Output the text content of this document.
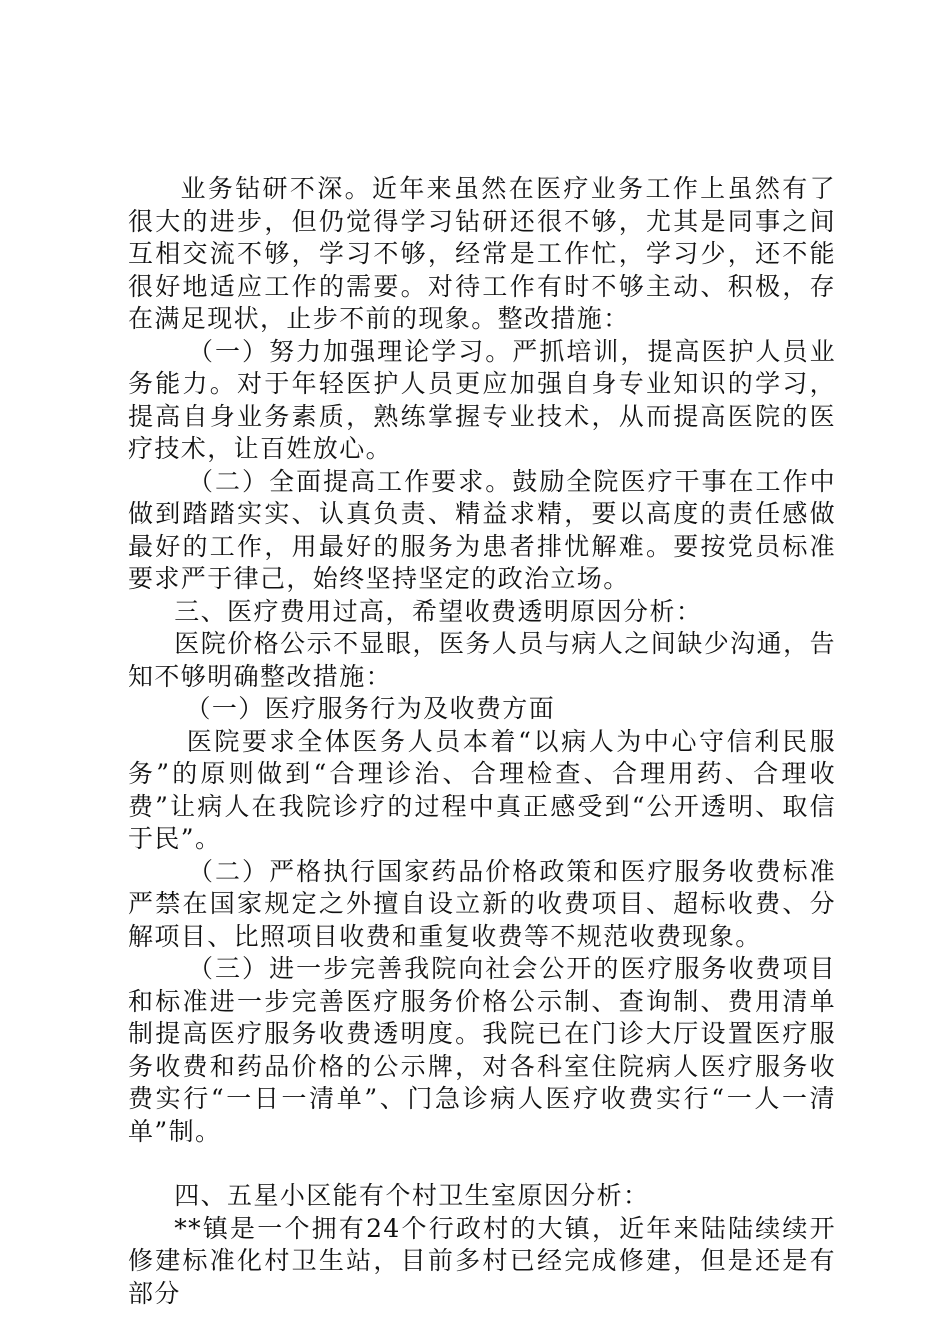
业务钻研不深。近年来虽然在医疗业务工作上虽然有了很大的进步，但仍觉得学习钻研还很不够，尤其是同事之间互相交流不够，学习不够，经常是工作忙，学习少，还不能很好地适应工作的需要。对待工作有时不够主动、积极，存在满足现状，止步不前的现象。整改措施：

（一）努力加强理论学习。严抓培训，提高医护人员业务能力。对于年轻医护人员更应加强自身专业知识的学习，提高自身业务素质，熟练掌握专业技术，从而提高医院的医疗技术，让百姓放心。

（二）全面提高工作要求。鼓励全院医疗干事在工作中做到踏踏实实、认真负责、精益求精，要以高度的责任感做最好的工作，用最好的服务为患者排忧解难。要按党员标准要求严于律己，始终坚持坚定的政治立场。

三、医疗费用过高，希望收费透明原因分析：

医院价格公示不显眼，医务人员与病人之间缺少沟通，告知不够明确整改措施：

（一）医疗服务行为及收费方面

医院要求全体医务人员本着“以病人为中心守信利民服务”的原则做到“合理诊治、合理检查、合理用药、合理收费”让病人在我院诊疗的过程中真正感受到“公开透明、取信于民”。

（二）严格执行国家药品价格政策和医疗服务收费标准严禁在国家规定之外擅自设立新的收费项目、超标收费、分解项目、比照项目收费和重复收费等不规范收费现象。

（三）进一步完善我院向社会公开的医疗服务收费项目和标准进一步完善医疗服务价格公示制、查询制、费用清单制提高医疗服务收费透明度。我院已在门诊大厅设置医疗服务收费和药品价格的公示牌，对各科室住院病人医疗服务收费实行“一日一清单”、门急诊病人医疗收费实行“一人一清单”制。

四、五星小区能有个村卫生室原因分析：

**镇是一个拥有24个行政村的大镇，近年来陆陆续续开修建标准化村卫生站，目前多村已经完成修建，但是还是有部分
